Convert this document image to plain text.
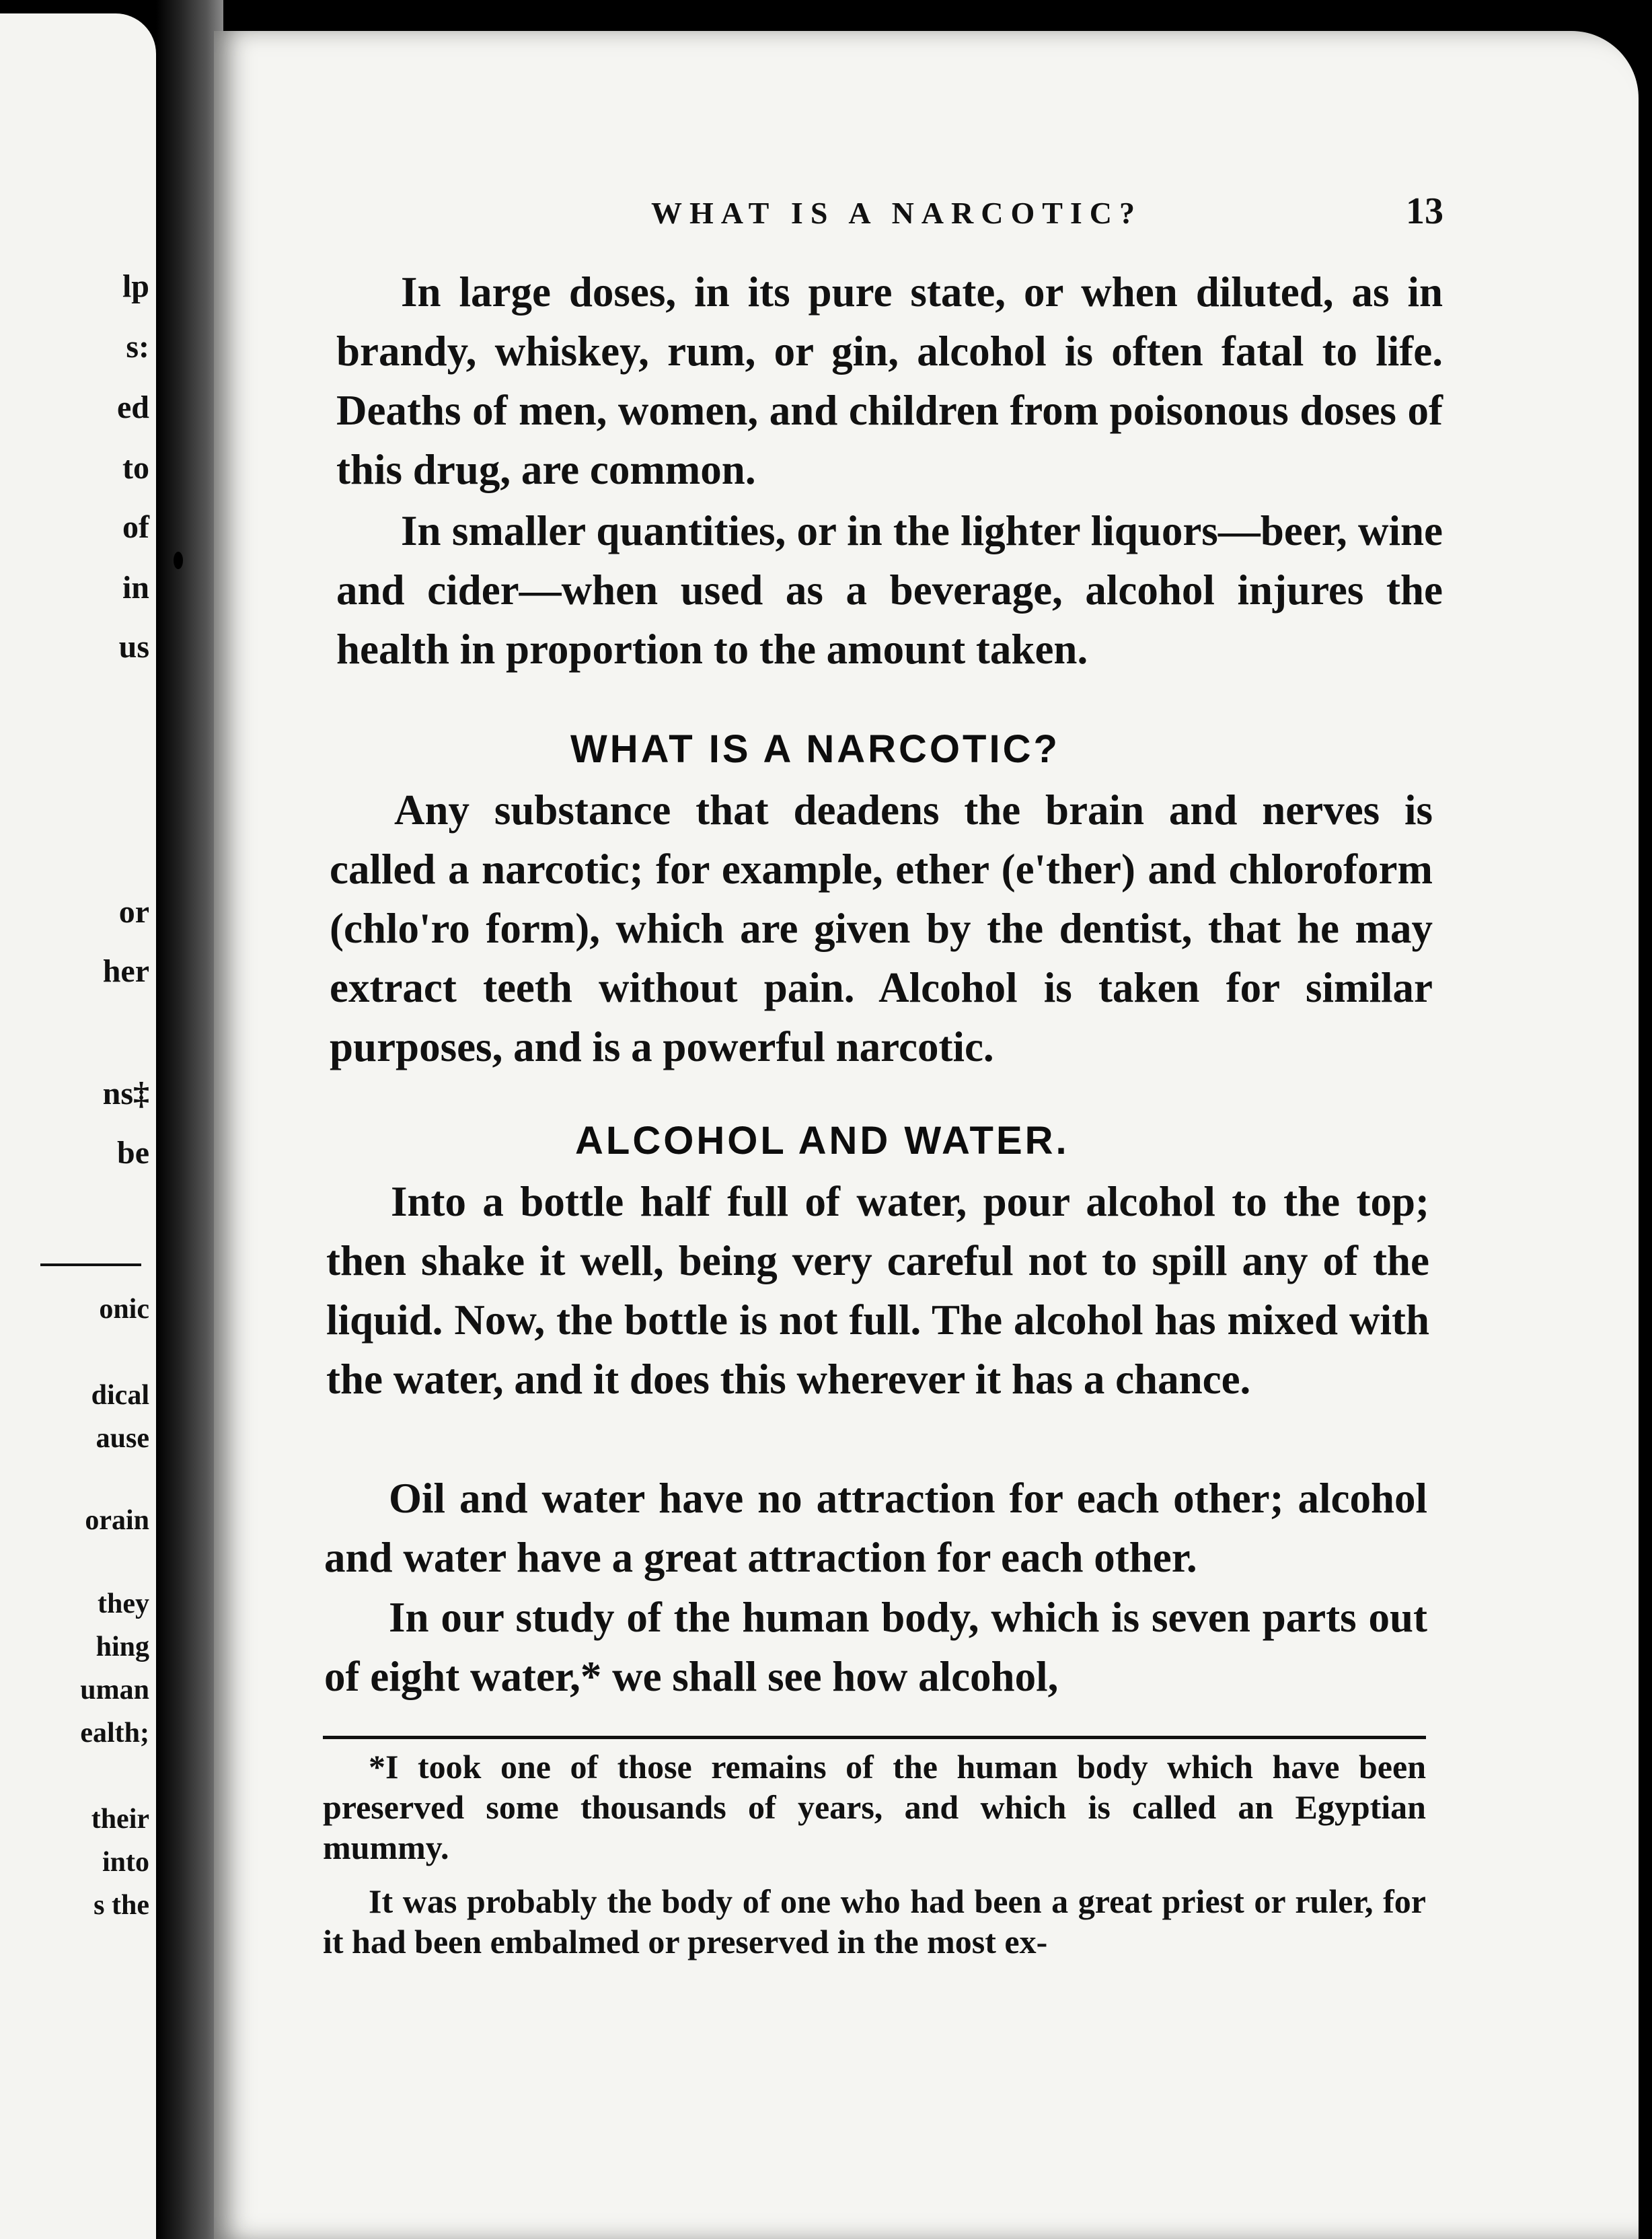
lp
s:
ed
to
of
in
us
or
her
ns‡
be
onic
dical
ause
orain
they
hing
uman
ealth;
their
into
s the
WHAT IS A NARCOTIC?	13

In large doses, in its pure state, or when diluted, as in brandy, whiskey, rum, or gin, alcohol is often fatal to life. Deaths of men, women, and children from poisonous doses of this drug, are common.

In smaller quantities, or in the lighter liquors—beer, wine and cider—when used as a beverage, alcohol injures the health in proportion to the amount taken.

WHAT IS A NARCOTIC?

Any substance that deadens the brain and nerves is called a narcotic; for example, ether (e'ther) and chloroform (chlo'ro form), which are given by the dentist, that he may extract teeth without pain. Alcohol is taken for similar purposes, and is a powerful narcotic.

ALCOHOL AND WATER.

Into a bottle half full of water, pour alcohol to the top; then shake it well, being very careful not to spill any of the liquid. Now, the bottle is not full. The alcohol has mixed with the water, and it does this wherever it has a chance.

Oil and water have no attraction for each other; alcohol and water have a great attraction for each other.

In our study of the human body, which is seven parts out of eight water,* we shall see how alcohol,

*I took one of those remains of the human body which have been preserved some thousands of years, and which is called an Egyptian mummy.

It was probably the body of one who had been a great priest or ruler, for it had been embalmed or preserved in the most ex-
